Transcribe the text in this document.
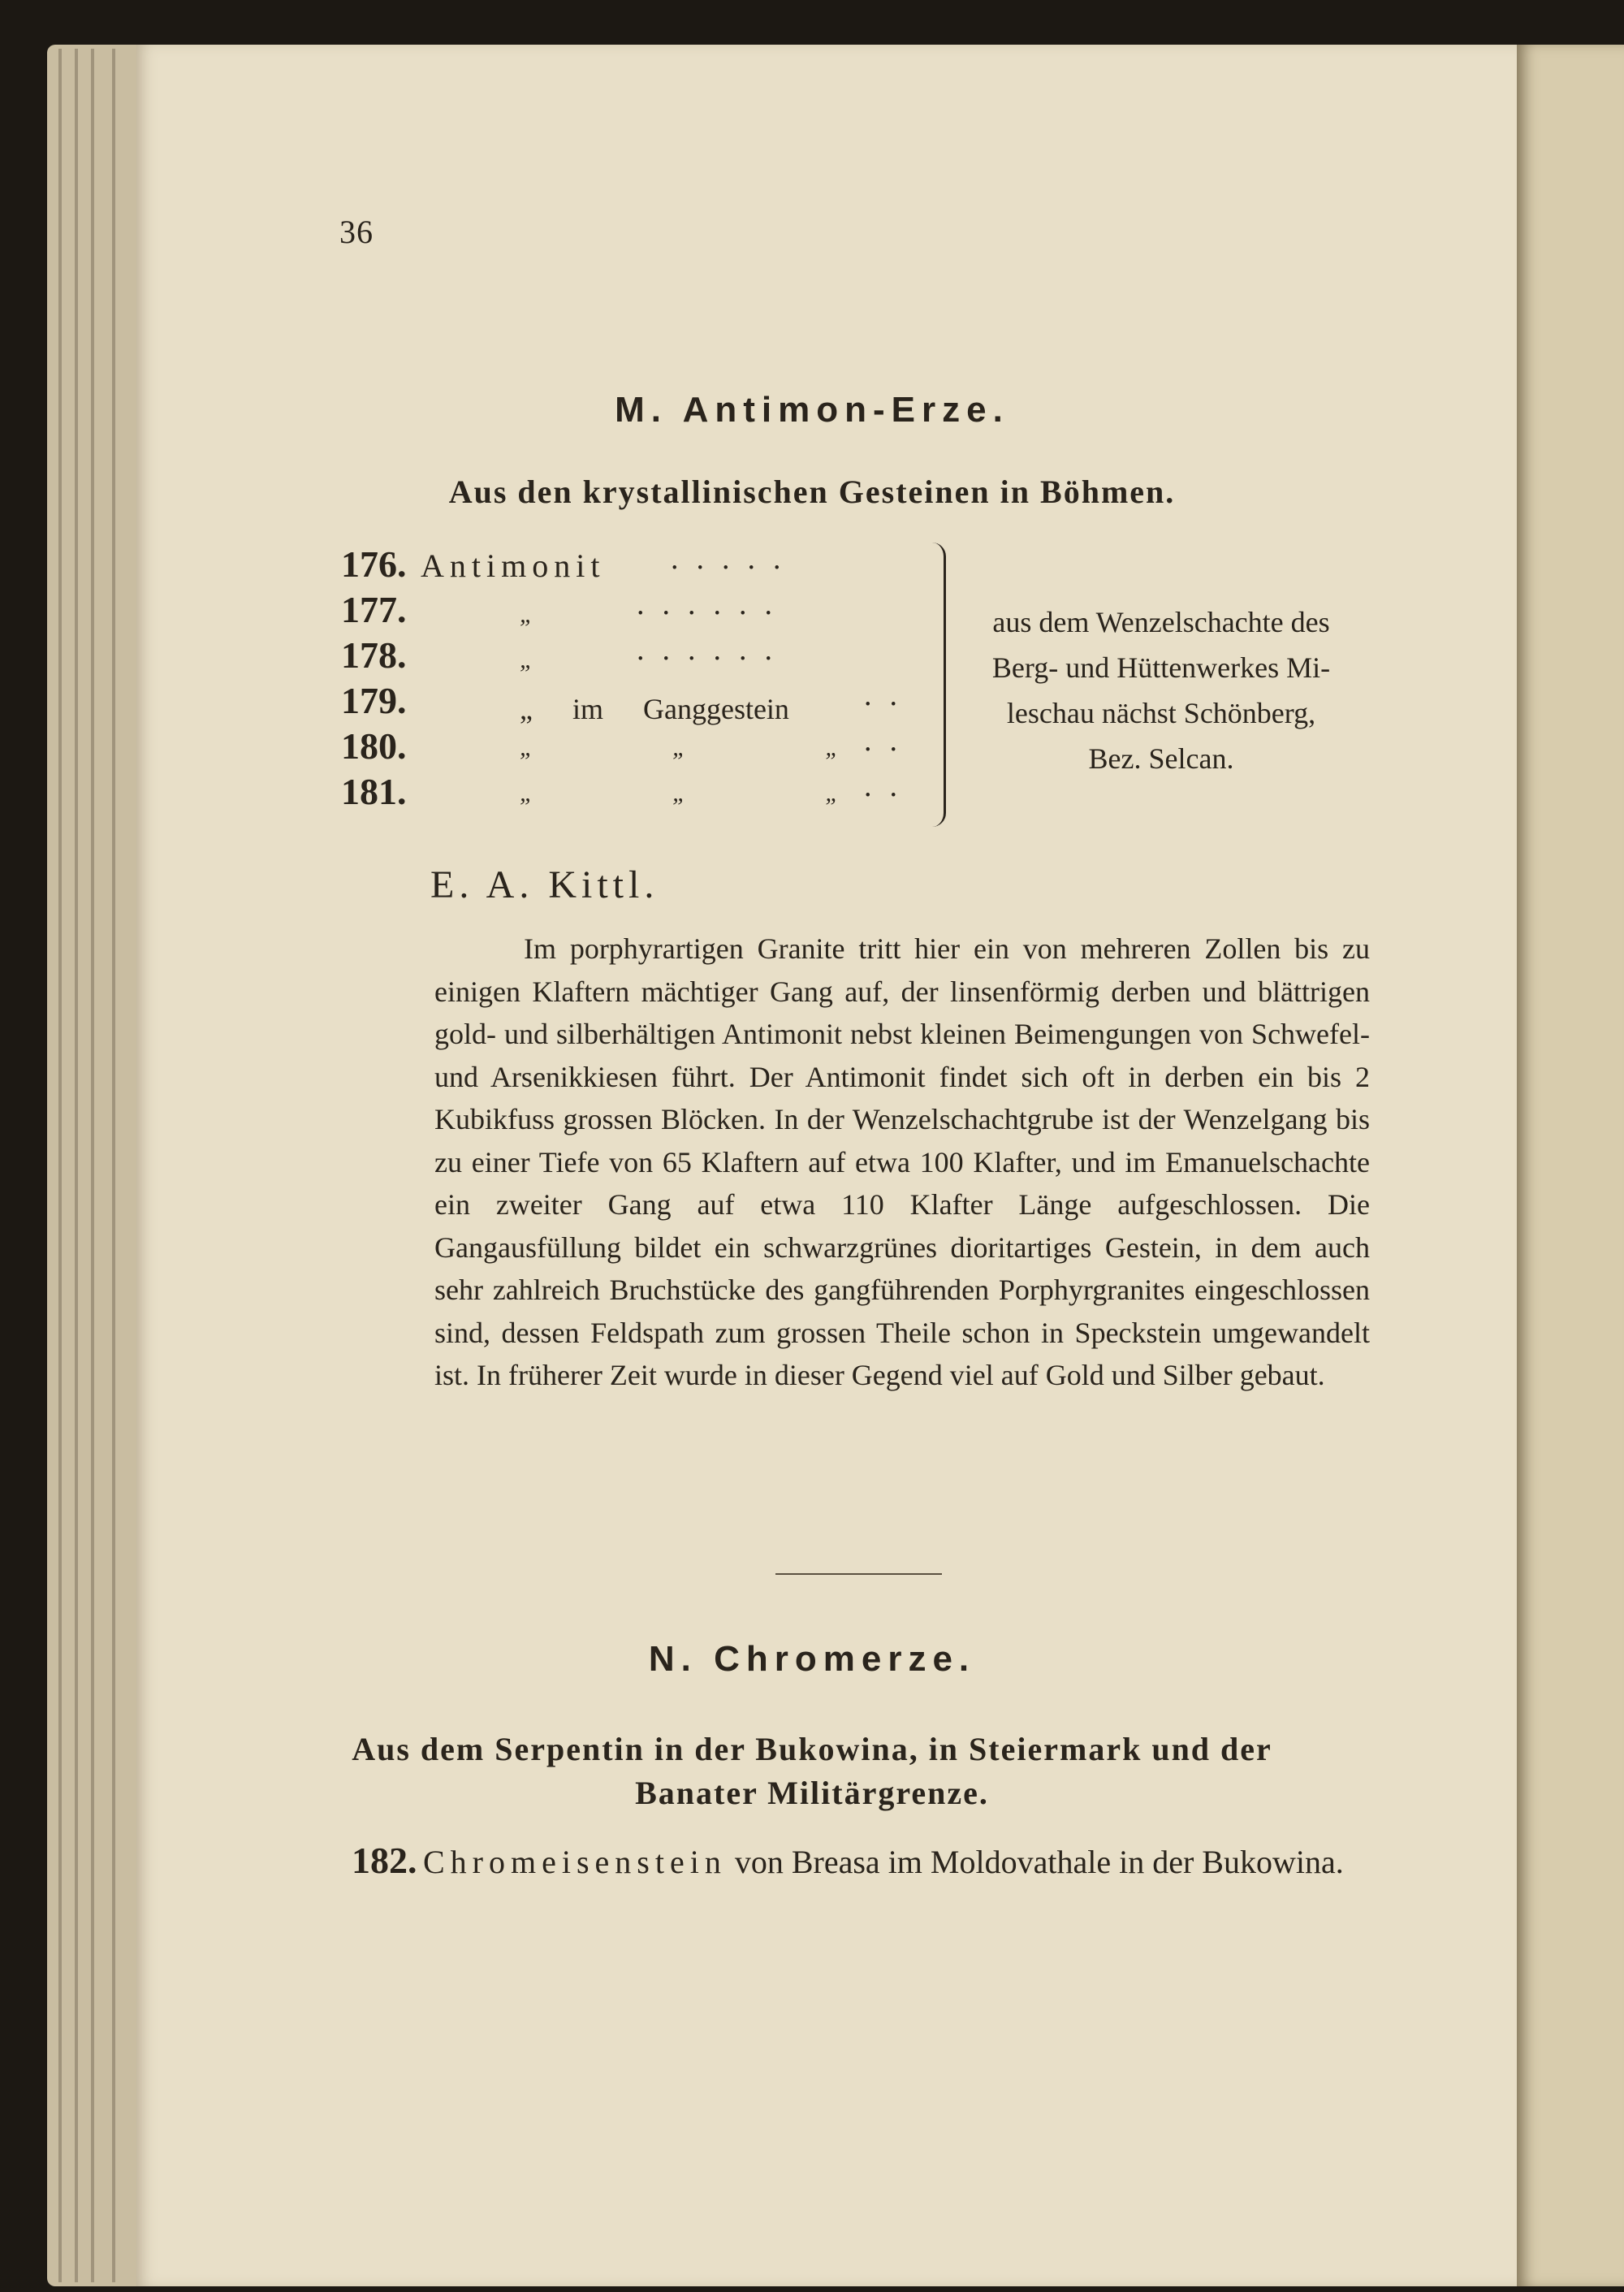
36
M. Antimon-Erze.
Aus den krystallinischen Gesteinen in Böhmen.
176. Antimonit
177.
178.
179.
180.
181.
„
„
„ im Ganggestein
„ „ „
„ „ „
.....
......
......
..
..
..
aus dem Wenzelschachte des
Berg- und Hüttenwerkes Mi-
leschau nächst Schönberg,
Bez. Selcan.
E. A. Kittl.
Im porphyrartigen Granite tritt hier ein von mehreren Zollen bis zu einigen Klaftern mächtiger Gang auf, der linsenförmig derben und blättrigen gold- und silberhältigen Antimonit nebst kleinen Beimengungen von Schwefel- und Arsenikkiesen führt. Der Antimonit findet sich oft in derben ein bis 2 Kubikfuss grossen Blöcken. In der Wenzelschachtgrube ist der Wenzelgang bis zu einer Tiefe von 65 Klaftern auf etwa 100 Klafter, und im Emanuelschachte ein zweiter Gang auf etwa 110 Klafter Länge aufgeschlossen. Die Gangausfüllung bildet ein schwarzgrünes dioritartiges Gestein, in dem auch sehr zahlreich Bruchstücke des gangführenden Porphyrgranites eingeschlossen sind, dessen Feldspath zum grossen Theile schon in Speckstein umgewandelt ist. In früherer Zeit wurde in dieser Gegend viel auf Gold und Silber gebaut.
N. Chromerze.
Aus dem Serpentin in der Bukowina, in Steiermark und der
Banater Militärgrenze.
182. Chromeisenstein von Breasa im Moldovathale in der Bukowina.
